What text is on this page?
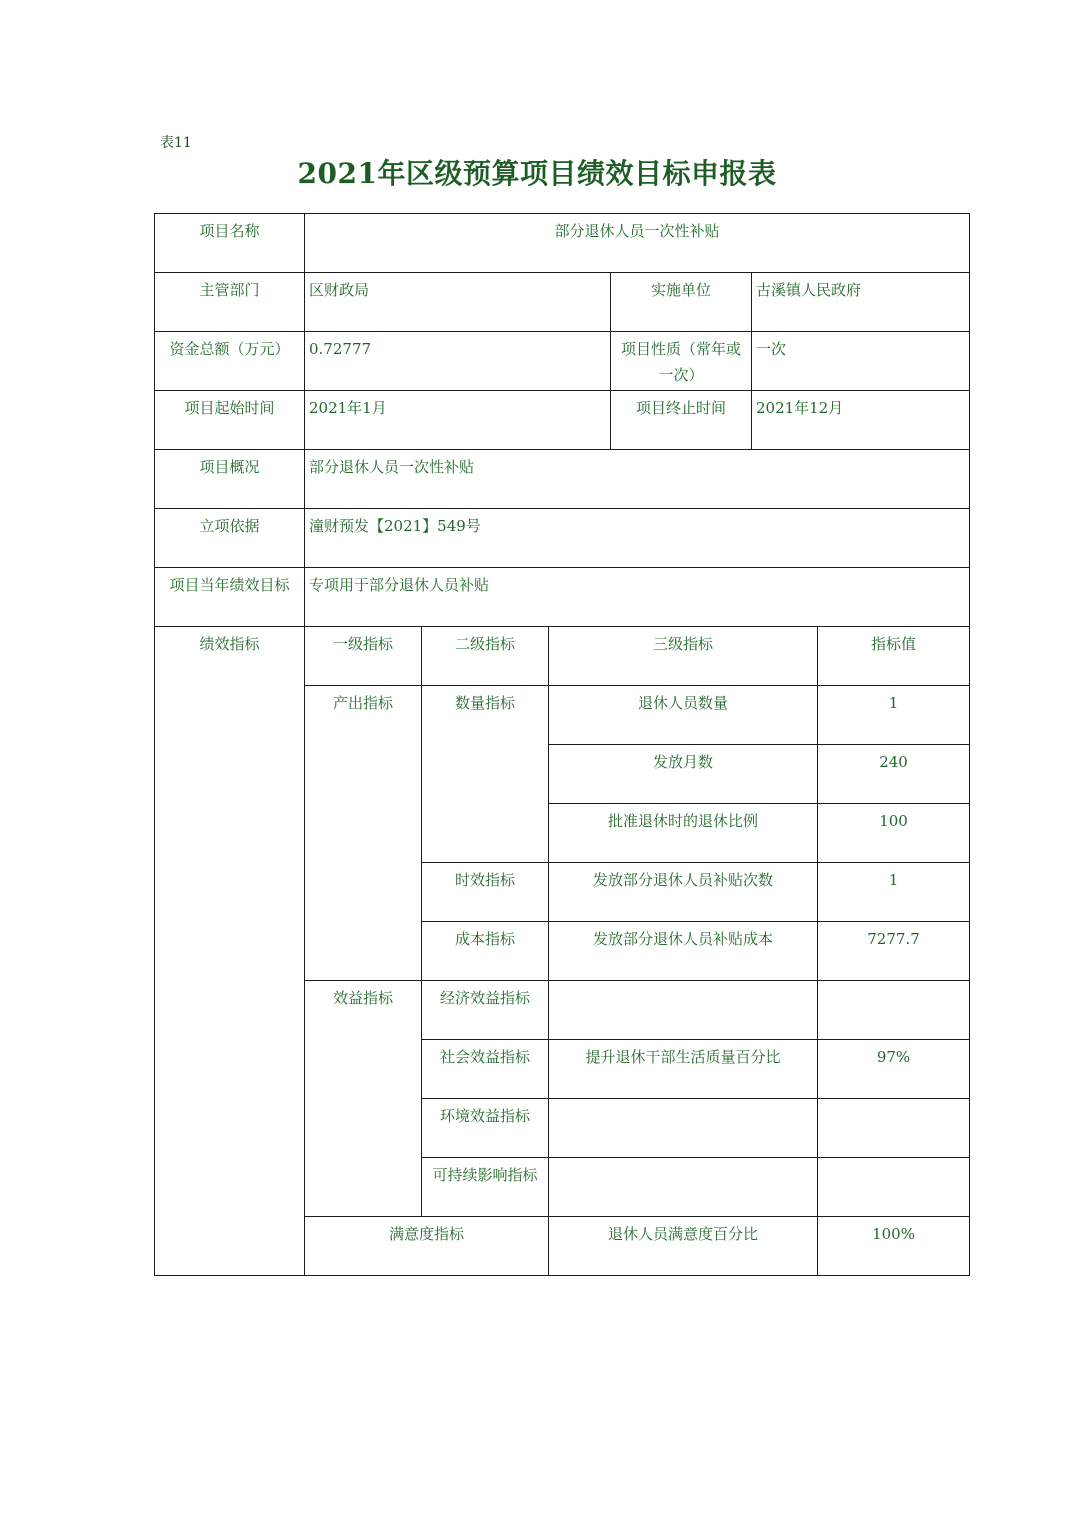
表11
2021年区级预算项目绩效目标申报表
项目名称	部分退休人员一次性补贴					
主管部门	区财政局			实施单位	古溪镇人民政府	
资金总额（万元）	0.72777			项目性质（常年或一次）	一次	
项目起始时间	2021年1月			项目终止时间	2021年12月	
项目概况	部分退休人员一次性补贴					
立项依据	潼财预发【2021】549号					
项目当年绩效目标	专项用于部分退休人员补贴					
绩效指标	一级指标	二级指标	三级指标			指标值
	产出指标	数量指标	退休人员数量			1
			发放月数			240
			批准退休时的退休比例			100
		时效指标	发放部分退休人员补贴次数			1
		成本指标	发放部分退休人员补贴成本			7277.7
	效益指标	经济效益指标				
		社会效益指标	提升退休干部生活质量百分比			97%
		环境效益指标				
		可持续影响指标				
	满意度指标		退休人员满意度百分比			100%
